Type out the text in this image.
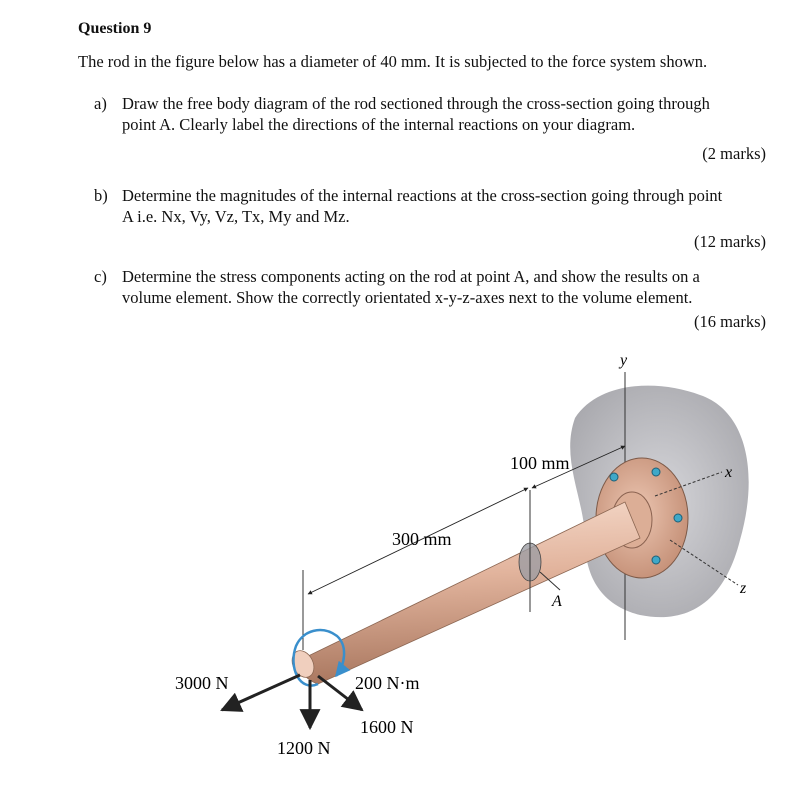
Question 9
The rod in the figure below has a diameter of 40 mm. It is subjected to the force system shown.
a) Draw the free body diagram of the rod sectioned through the cross-section going through
point A. Clearly label the directions of the internal reactions on your diagram.
(2 marks)
b) Determine the magnitudes of the internal reactions at the cross-section going through point
A i.e. Nx, Vy, Vz, Tx, My and Mz.
(12 marks)
c) Determine the stress components acting on the rod at point A, and show the results on a
volume element. Show the correctly orientated x-y-z-axes next to the volume element.
(16 marks)
y
x
z
A
100 mm
300 mm
200 N·m
3000 N
1200 N
1600 N
